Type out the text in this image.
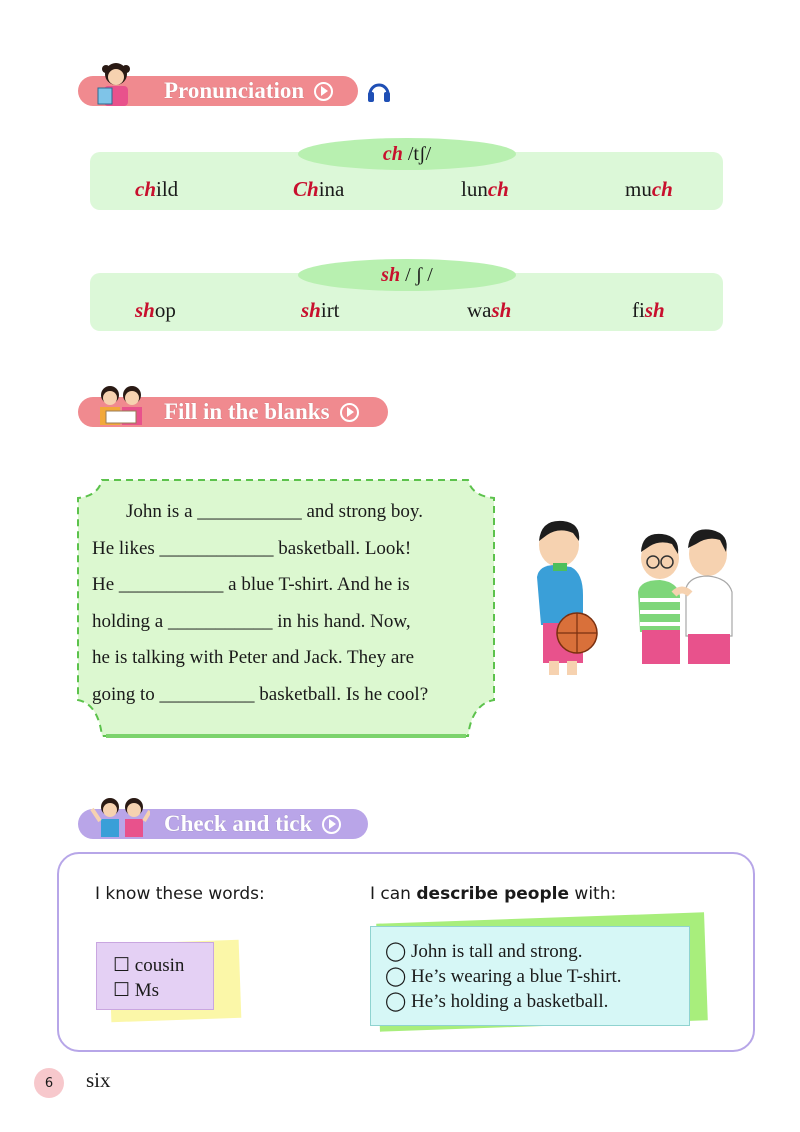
Pronunciation
child	China	lunch	much
ch
/tʃ/
shop	shirt	wash	fish
sh
/ ʃ /
Fill in the blanks

John is a ___________ and strong boy.

He likes ____________ basketball. Look!

He ___________ a blue T-shirt. And he is

holding a ___________ in his hand. Now,

he is talking with Peter and Jack. They are

going to __________ basketball. Is he cool?

Check and tick
I know these words:	I can describe people with:
☐ cousin
☐ Ms
◯ John is tall and strong.
◯ He’s wearing a blue T-shirt.
◯ He’s holding a basketball.
6	six
